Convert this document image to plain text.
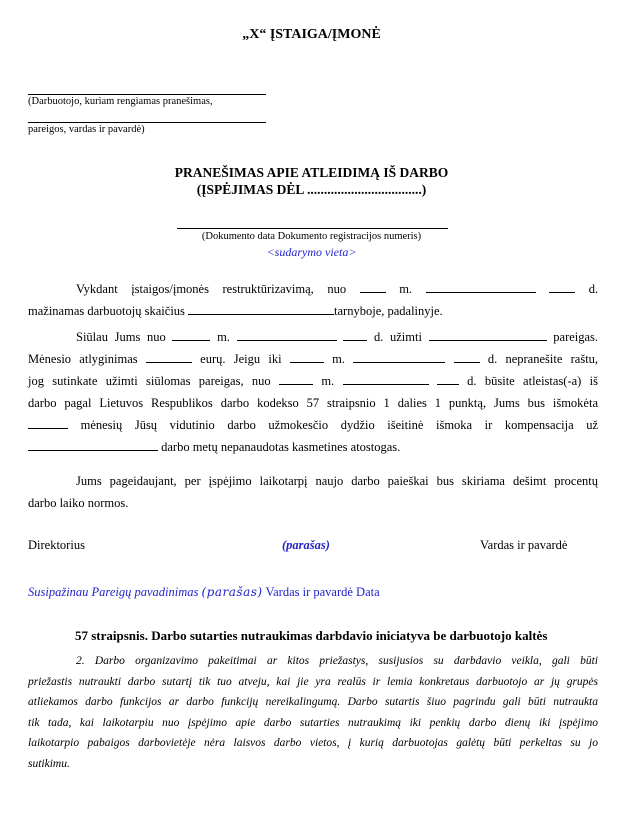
„X“ ĮSTAIGA/ĮMONĖ
(Darbuotojo, kuriam rengiamas pranešimas,
pareigos, vardas ir pavardė)
PRANEŠIMAS APIE ATLEIDIMĄ IŠ DARBO
(ĮSPĖJIMAS DĖL ..................................)
(Dokumento data Dokumento registracijos numeris)
<sudarymo vieta>
Vykdant įstaigos/įmonės restruktūrizavimą, nuo	m.	d.
mažinamas darbuotojų skaičius	tarnyboje, padalinyje.
Siūlau Jums nuo	m.	d. užimti	pareigas.
Mėnesio atlyginimas	eurų. Jeigu iki	m.	d. nepranešite raštu,
jog sutinkate užimti siūlomas pareigas, nuo	m.	d. būsite atleistas(-a) iš
darbo pagal Lietuvos Respublikos darbo kodekso 57 straipsnio 1 dalies 1 punktą, Jums bus išmokėta
mėnesių Jūsų vidutinio darbo užmokesčio dydžio išeitinė išmoka ir kompensacija už
darbo metų nepanaudotas kasmetines atostogas.
Jums pageidaujant, per įspėjimo laikotarpį naujo darbo paieškai bus skiriama dešimt procentų
darbo laiko normos.
Direktorius	(parašas)	Vardas ir pavardė
Susipažinau Pareigų pavadinimas (parašas) Vardas ir pavardė Data
57 straipsnis. Darbo sutarties nutraukimas darbdavio iniciatyva be darbuotojo kaltės
2. Darbo organizavimo pakeitimai ar kitos priežastys, susijusios su darbdavio veikla, gali būti
priežastis nutraukti darbo sutartį tik tuo atveju, kai jie yra realūs ir lemia konkretaus darbuotojo ar jų grupės
atliekamos darbo funkcijos ar darbo funkcijų nereikalingumą. Darbo sutartis šiuo pagrindu gali būti nutraukta
tik tada, kai laikotarpiu nuo įspėjimo apie darbo sutarties nutraukimą iki penkių darbo dienų iki įspėjimo
laikotarpio pabaigos darbovietėje nėra laisvos darbo vietos, į kurią darbuotojas galėtų būti perkeltas su jo
sutikimu.
